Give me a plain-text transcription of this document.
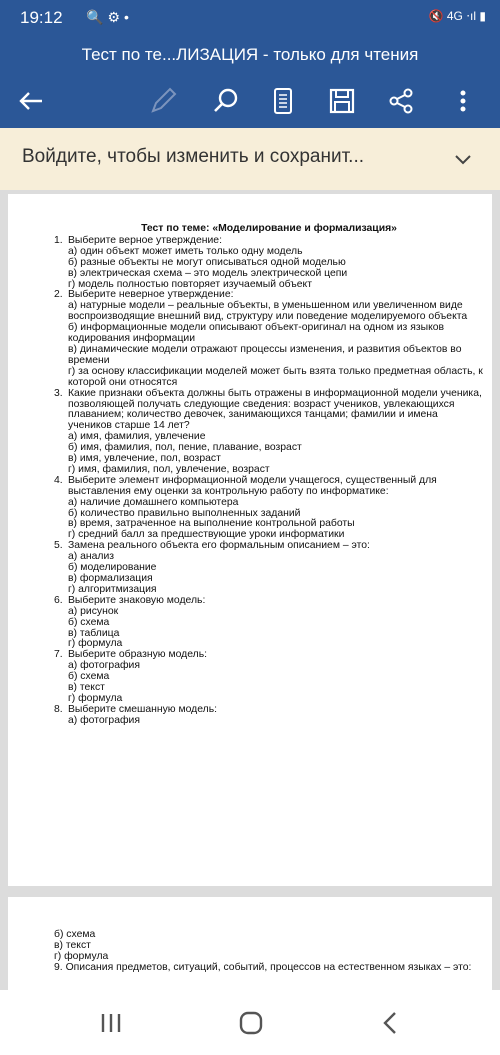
19:12 🔍⚙•	🔇 4G ⋅ıl ▮
Тест по те...ЛИЗАЦИЯ - только для чтения
Войдите, чтобы изменить и сохранит...
Тест по теме: «Моделирование и формализация»
1. Выберите верное утверждение:
а) один объект может иметь только одну модель
б) разные объекты не могут описываться одной моделью
в) электрическая схема – это модель электрической цепи
г) модель полностью повторяет изучаемый объект
2. Выберите неверное утверждение:
а) натурные модели – реальные объекты, в уменьшенном или увеличенном виде воспроизводящие внешний вид, структуру или поведение моделируемого объекта
б) информационные модели описывают объект-оригинал на одном из языков кодирования информации
в) динамические модели отражают процессы изменения, и развития объектов во времени
г) за основу классификации моделей может быть взята только предметная область, к которой они относятся
3. Какие признаки объекта должны быть отражены в информационной модели ученика, позволяющей получать следующие сведения: возраст учеников, увлекающихся плаванием; количество девочек, занимающихся танцами; фамилии и имена учеников старше 14 лет?
а) имя, фамилия, увлечение
б) имя, фамилия, пол, пение, плавание, возраст
в) имя, увлечение, пол, возраст
г) имя, фамилия, пол, увлечение, возраст
4. Выберите элемент информационной модели учащегося, существенный для выставления ему оценки за контрольную работу по информатике:
а) наличие домашнего компьютера
б) количество правильно выполненных заданий
в) время, затраченное на выполнение контрольной работы
г) средний балл за предшествующие уроки информатики
5. Замена реального объекта его формальным описанием – это:
а) анализ
б) моделирование
в) формализация
г) алгоритмизация
6. Выберите знаковую модель:
а) рисунок
б) схема
в) таблица
г) формула
7. Выберите образную модель:
а) фотография
б) схема
в) текст
г) формула
8. Выберите смешанную модель:
а) фотография
б) схема
в) текст
г) формула
9. Описания предметов, ситуаций, событий, процессов на естественном языках – это:
